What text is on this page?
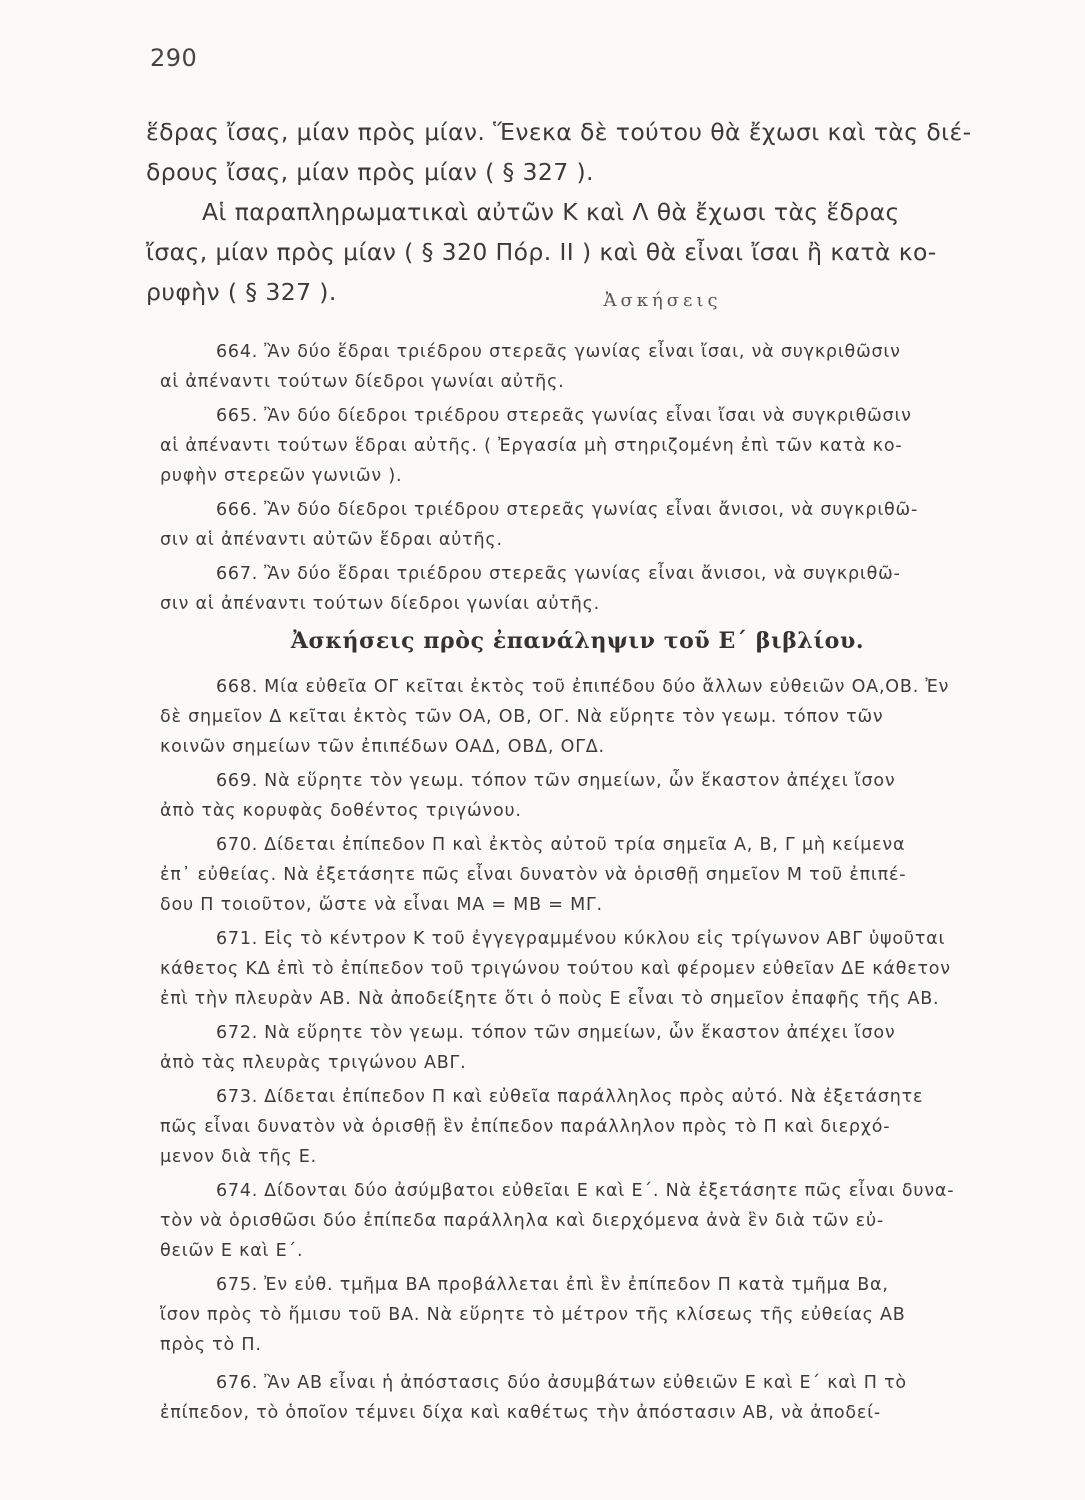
290
ἕδρας ἴσας, μίαν πρὸς μίαν. Ἕνεκα δὲ τούτου θὰ ἔχωσι καὶ τὰς διέ-
δρους ἴσας, μίαν πρὸς μίαν ( § 327 ).
Αἱ παραπληρωματικαὶ αὐτῶν Κ καὶ Λ θὰ ἔχωσι τὰς ἕδρας
ἴσας, μίαν πρὸς μίαν ( § 320 Πόρ. ΙΙ ) καὶ θὰ εἶναι ἴσαι ἢ κατὰ κο-
ρυφὴν ( § 327 ).	Ἀσκήσεις
664. Ἂν δύο ἕδραι τριέδρου στερεᾶς γωνίας εἶναι ἴσαι, νὰ συγκριθῶσιν
αἱ ἀπέναντι τούτων δίεδροι γωνίαι αὐτῆς.
665. Ἂν δύο δίεδροι τριέδρου στερεᾶς γωνίας εἶναι ἴσαι νὰ συγκριθῶσιν
αἱ ἀπέναντι τούτων ἕδραι αὐτῆς. ( Ἐργασία μὴ στηριζομένη ἐπὶ τῶν κατὰ κο-
ρυφὴν στερεῶν γωνιῶν ).
666. Ἂν δύο δίεδροι τριέδρου στερεᾶς γωνίας εἶναι ἄνισοι, νὰ συγκριθῶ-
σιν αἱ ἀπέναντι αὐτῶν ἕδραι αὐτῆς.
667. Ἂν δύο ἕδραι τριέδρου στερεᾶς γωνίας εἶναι ἄνισοι, νὰ συγκριθῶ-
σιν αἱ ἀπέναντι τούτων δίεδροι γωνίαι αὐτῆς.
Ἀσκήσεις πρὸς ἐπανάληψιν τοῦ Ε΄ βιβλίου.
668. Μία εὐθεῖα ΟΓ κεῖται ἐκτὸς τοῦ ἐπιπέδου δύο ἄλλων εὐθειῶν ΟΑ,ΟΒ. Ἐν
δὲ σημεῖον Δ κεῖται ἐκτὸς τῶν ΟΑ, ΟΒ, ΟΓ. Νὰ εὕρητε τὸν γεωμ. τόπον τῶν
κοινῶν σημείων τῶν ἐπιπέδων ΟΑΔ, ΟΒΔ, ΟΓΔ.
669. Νὰ εὕρητε τὸν γεωμ. τόπον τῶν σημείων, ὧν ἕκαστον ἀπέχει ἴσον
ἀπὸ τὰς κορυφὰς δοθέντος τριγώνου.
670. Δίδεται ἐπίπεδον Π καὶ ἐκτὸς αὐτοῦ τρία σημεῖα Α, Β, Γ μὴ κείμενα
ἐπ᾽ εὐθείας. Νὰ ἐξετάσητε πῶς εἶναι δυνατὸν νὰ ὁρισθῇ σημεῖον Μ τοῦ ἐπιπέ-
δου Π τοιοῦτον, ὥστε νὰ εἶναι ΜΑ = ΜΒ = ΜΓ.
671. Εἰς τὸ κέντρον Κ τοῦ ἐγγεγραμμένου κύκλου εἰς τρίγωνον ΑΒΓ ὑψοῦται
κάθετος ΚΔ ἐπὶ τὸ ἐπίπεδον τοῦ τριγώνου τούτου καὶ φέρομεν εὐθεῖαν ΔΕ κάθετον
ἐπὶ τὴν πλευρὰν ΑΒ. Νὰ ἀποδείξητε ὅτι ὁ ποὺς Ε εἶναι τὸ σημεῖον ἐπαφῆς τῆς ΑΒ.
672. Νὰ εὕρητε τὸν γεωμ. τόπον τῶν σημείων, ὧν ἕκαστον ἀπέχει ἴσον
ἀπὸ τὰς πλευρὰς τριγώνου ΑΒΓ.
673. Δίδεται ἐπίπεδον Π καὶ εὐθεῖα παράλληλος πρὸς αὐτό. Νὰ ἐξετάσητε
πῶς εἶναι δυνατὸν νὰ ὁρισθῇ ἓν ἐπίπεδον παράλληλον πρὸς τὸ Π καὶ διερχό-
μενον διὰ τῆς Ε.
674. Δίδονται δύο ἀσύμβατοι εὐθεῖαι Ε καὶ Ε΄. Νὰ ἐξετάσητε πῶς εἶναι δυνα-
τὸν νὰ ὁρισθῶσι δύο ἐπίπεδα παράλληλα καὶ διερχόμενα ἀνὰ ἓν διὰ τῶν εὐ-
θειῶν Ε καὶ Ε΄.
675. Ἐν εὐθ. τμῆμα ΒΑ προβάλλεται ἐπὶ ἓν ἐπίπεδον Π κατὰ τμῆμα Βα,
ἴσον πρὸς τὸ ἥμισυ τοῦ ΒΑ. Νὰ εὕρητε τὸ μέτρον τῆς κλίσεως τῆς εὐθείας ΑΒ
πρὸς τὸ Π.
676. Ἂν ΑΒ εἶναι ἡ ἀπόστασις δύο ἀσυμβάτων εὐθειῶν Ε καὶ Ε΄ καὶ Π τὸ
ἐπίπεδον, τὸ ὁποῖον τέμνει δίχα καὶ καθέτως τὴν ἀπόστασιν ΑΒ, νὰ ἀποδεί-
